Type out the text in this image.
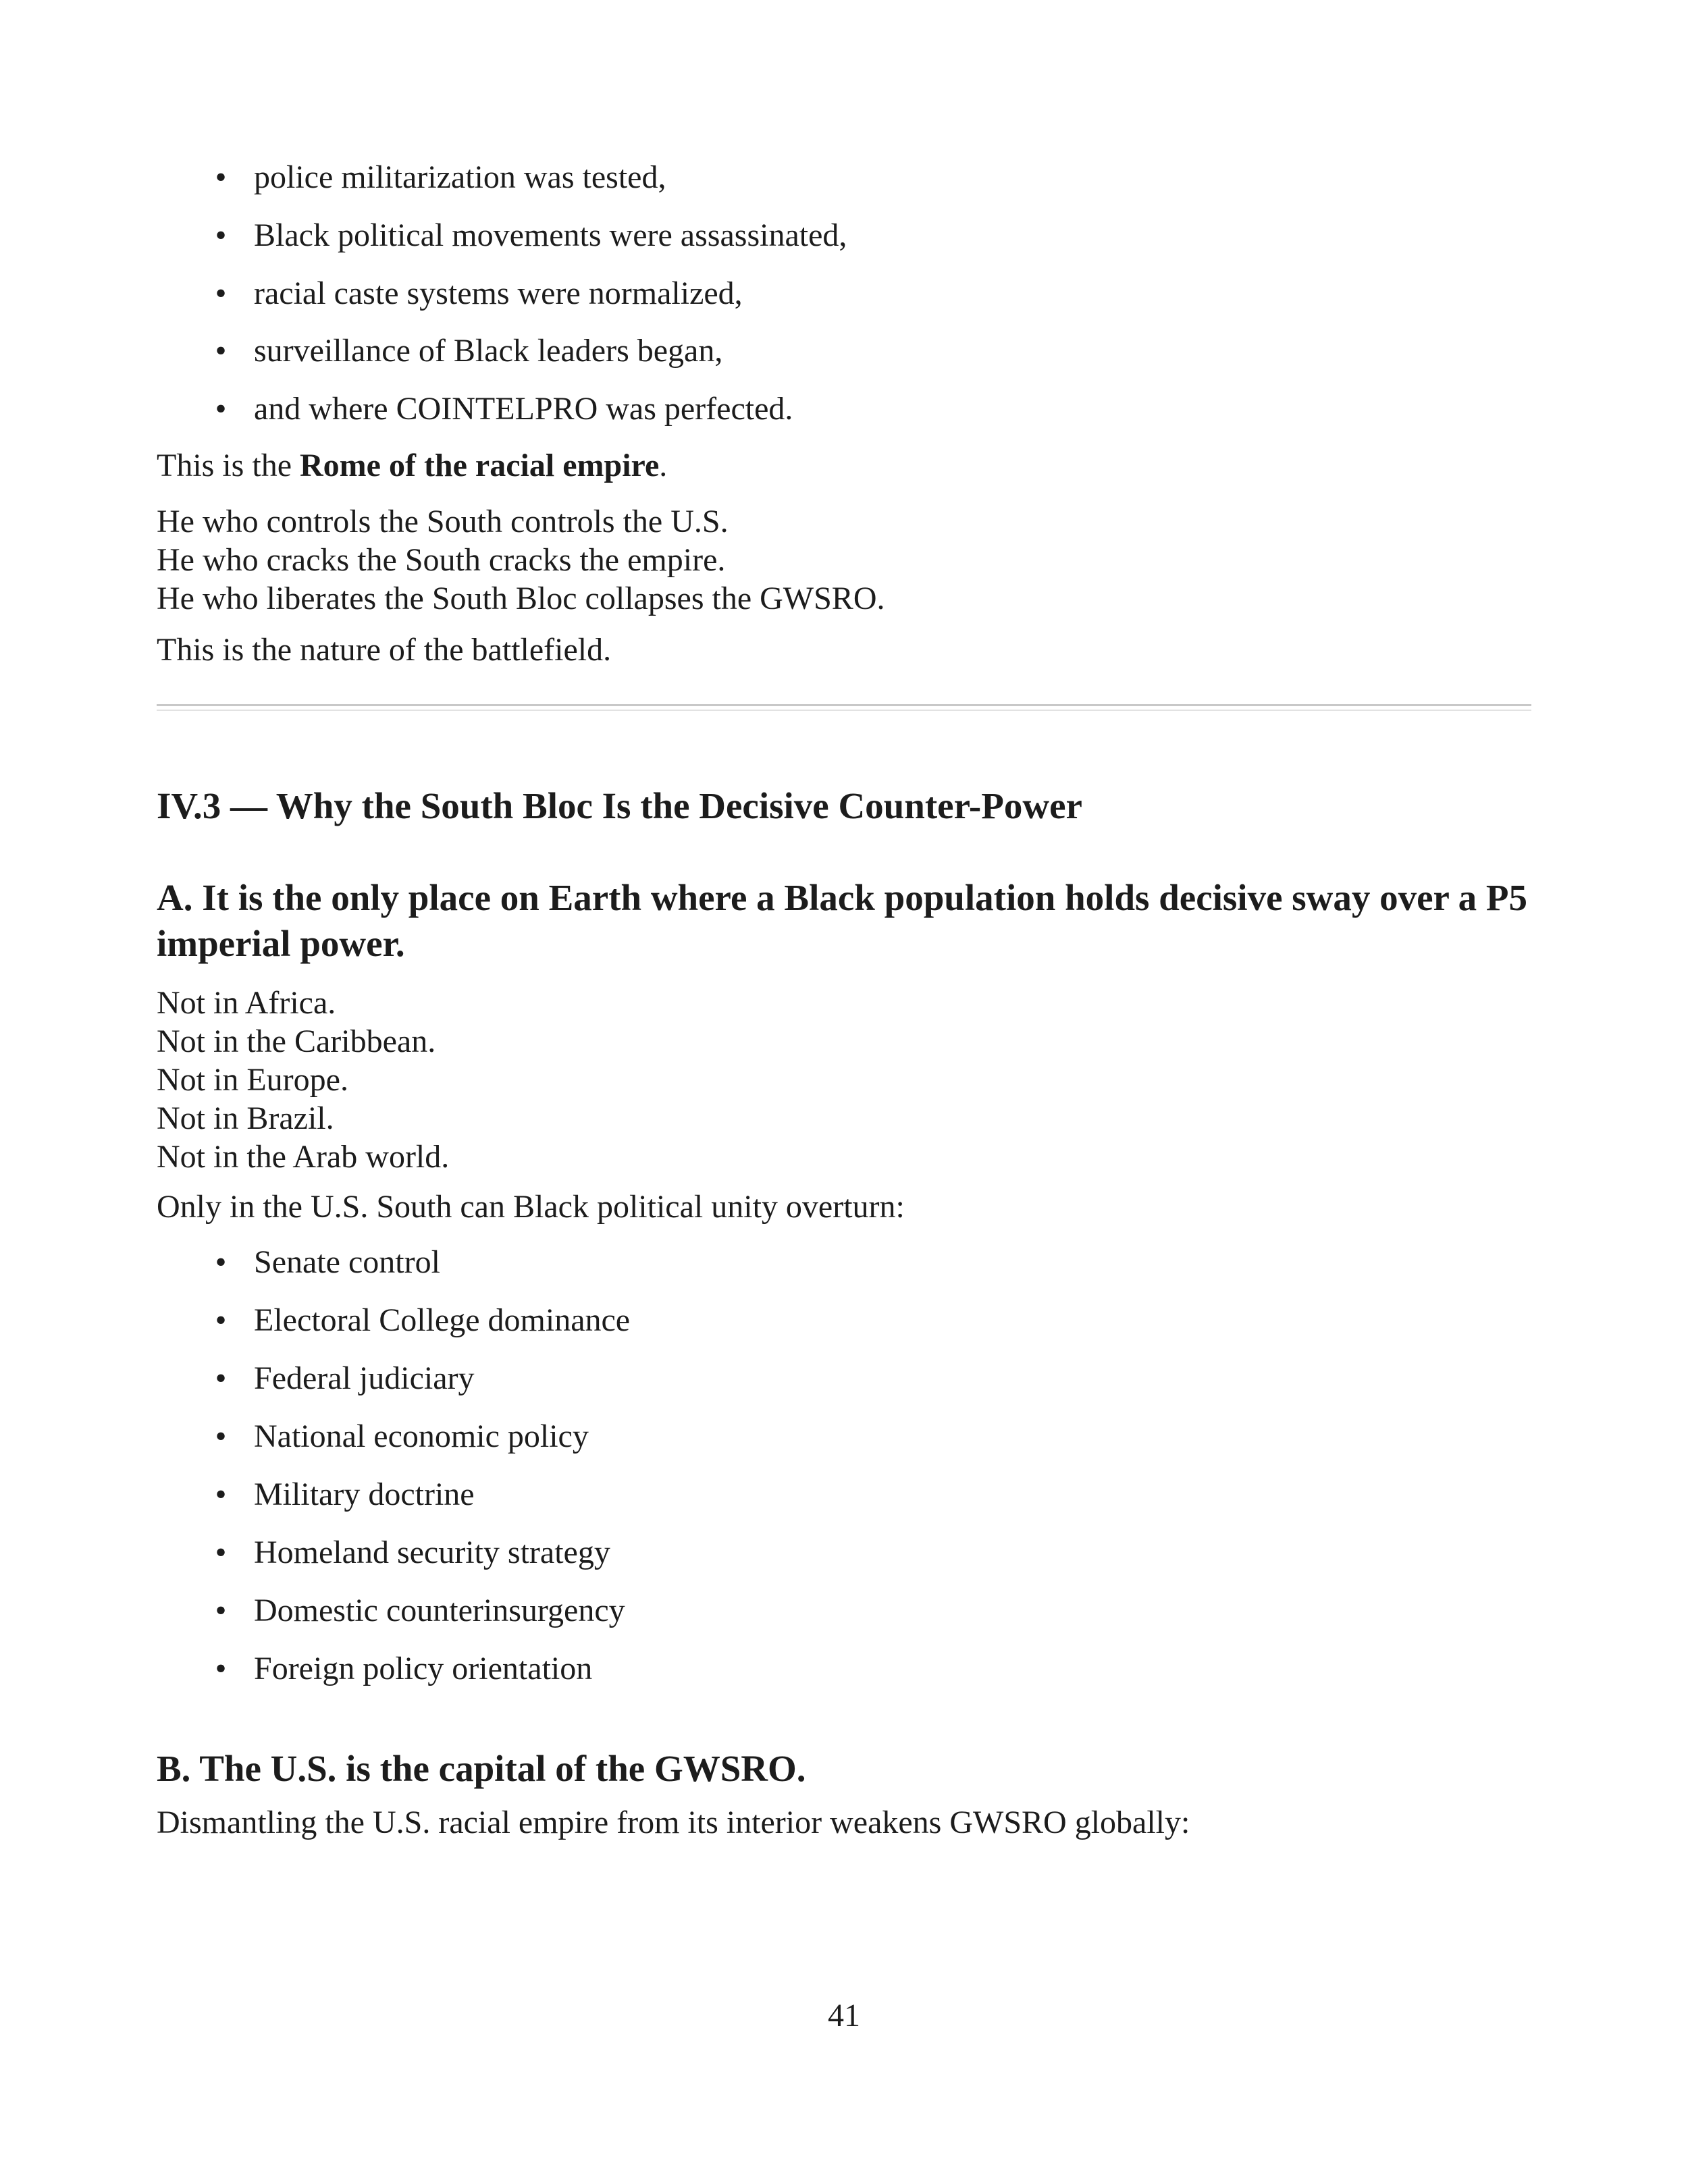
• police militarization was tested,
• Black political movements were assassinated,
• racial caste systems were normalized,
• surveillance of Black leaders began,
• and where COINTELPRO was perfected.
This is the Rome of the racial empire.
He who controls the South controls the U.S.
He who cracks the South cracks the empire.
He who liberates the South Bloc collapses the GWSRO.
This is the nature of the battlefield.
IV.3 — Why the South Bloc Is the Decisive Counter-Power
A. It is the only place on Earth where a Black population holds decisive sway over a P5 imperial power.
Not in Africa.
Not in the Caribbean.
Not in Europe.
Not in Brazil.
Not in the Arab world.
Only in the U.S. South can Black political unity overturn:
• Senate control
• Electoral College dominance
• Federal judiciary
• National economic policy
• Military doctrine
• Homeland security strategy
• Domestic counterinsurgency
• Foreign policy orientation
B. The U.S. is the capital of the GWSRO.
Dismantling the U.S. racial empire from its interior weakens GWSRO globally:
41
